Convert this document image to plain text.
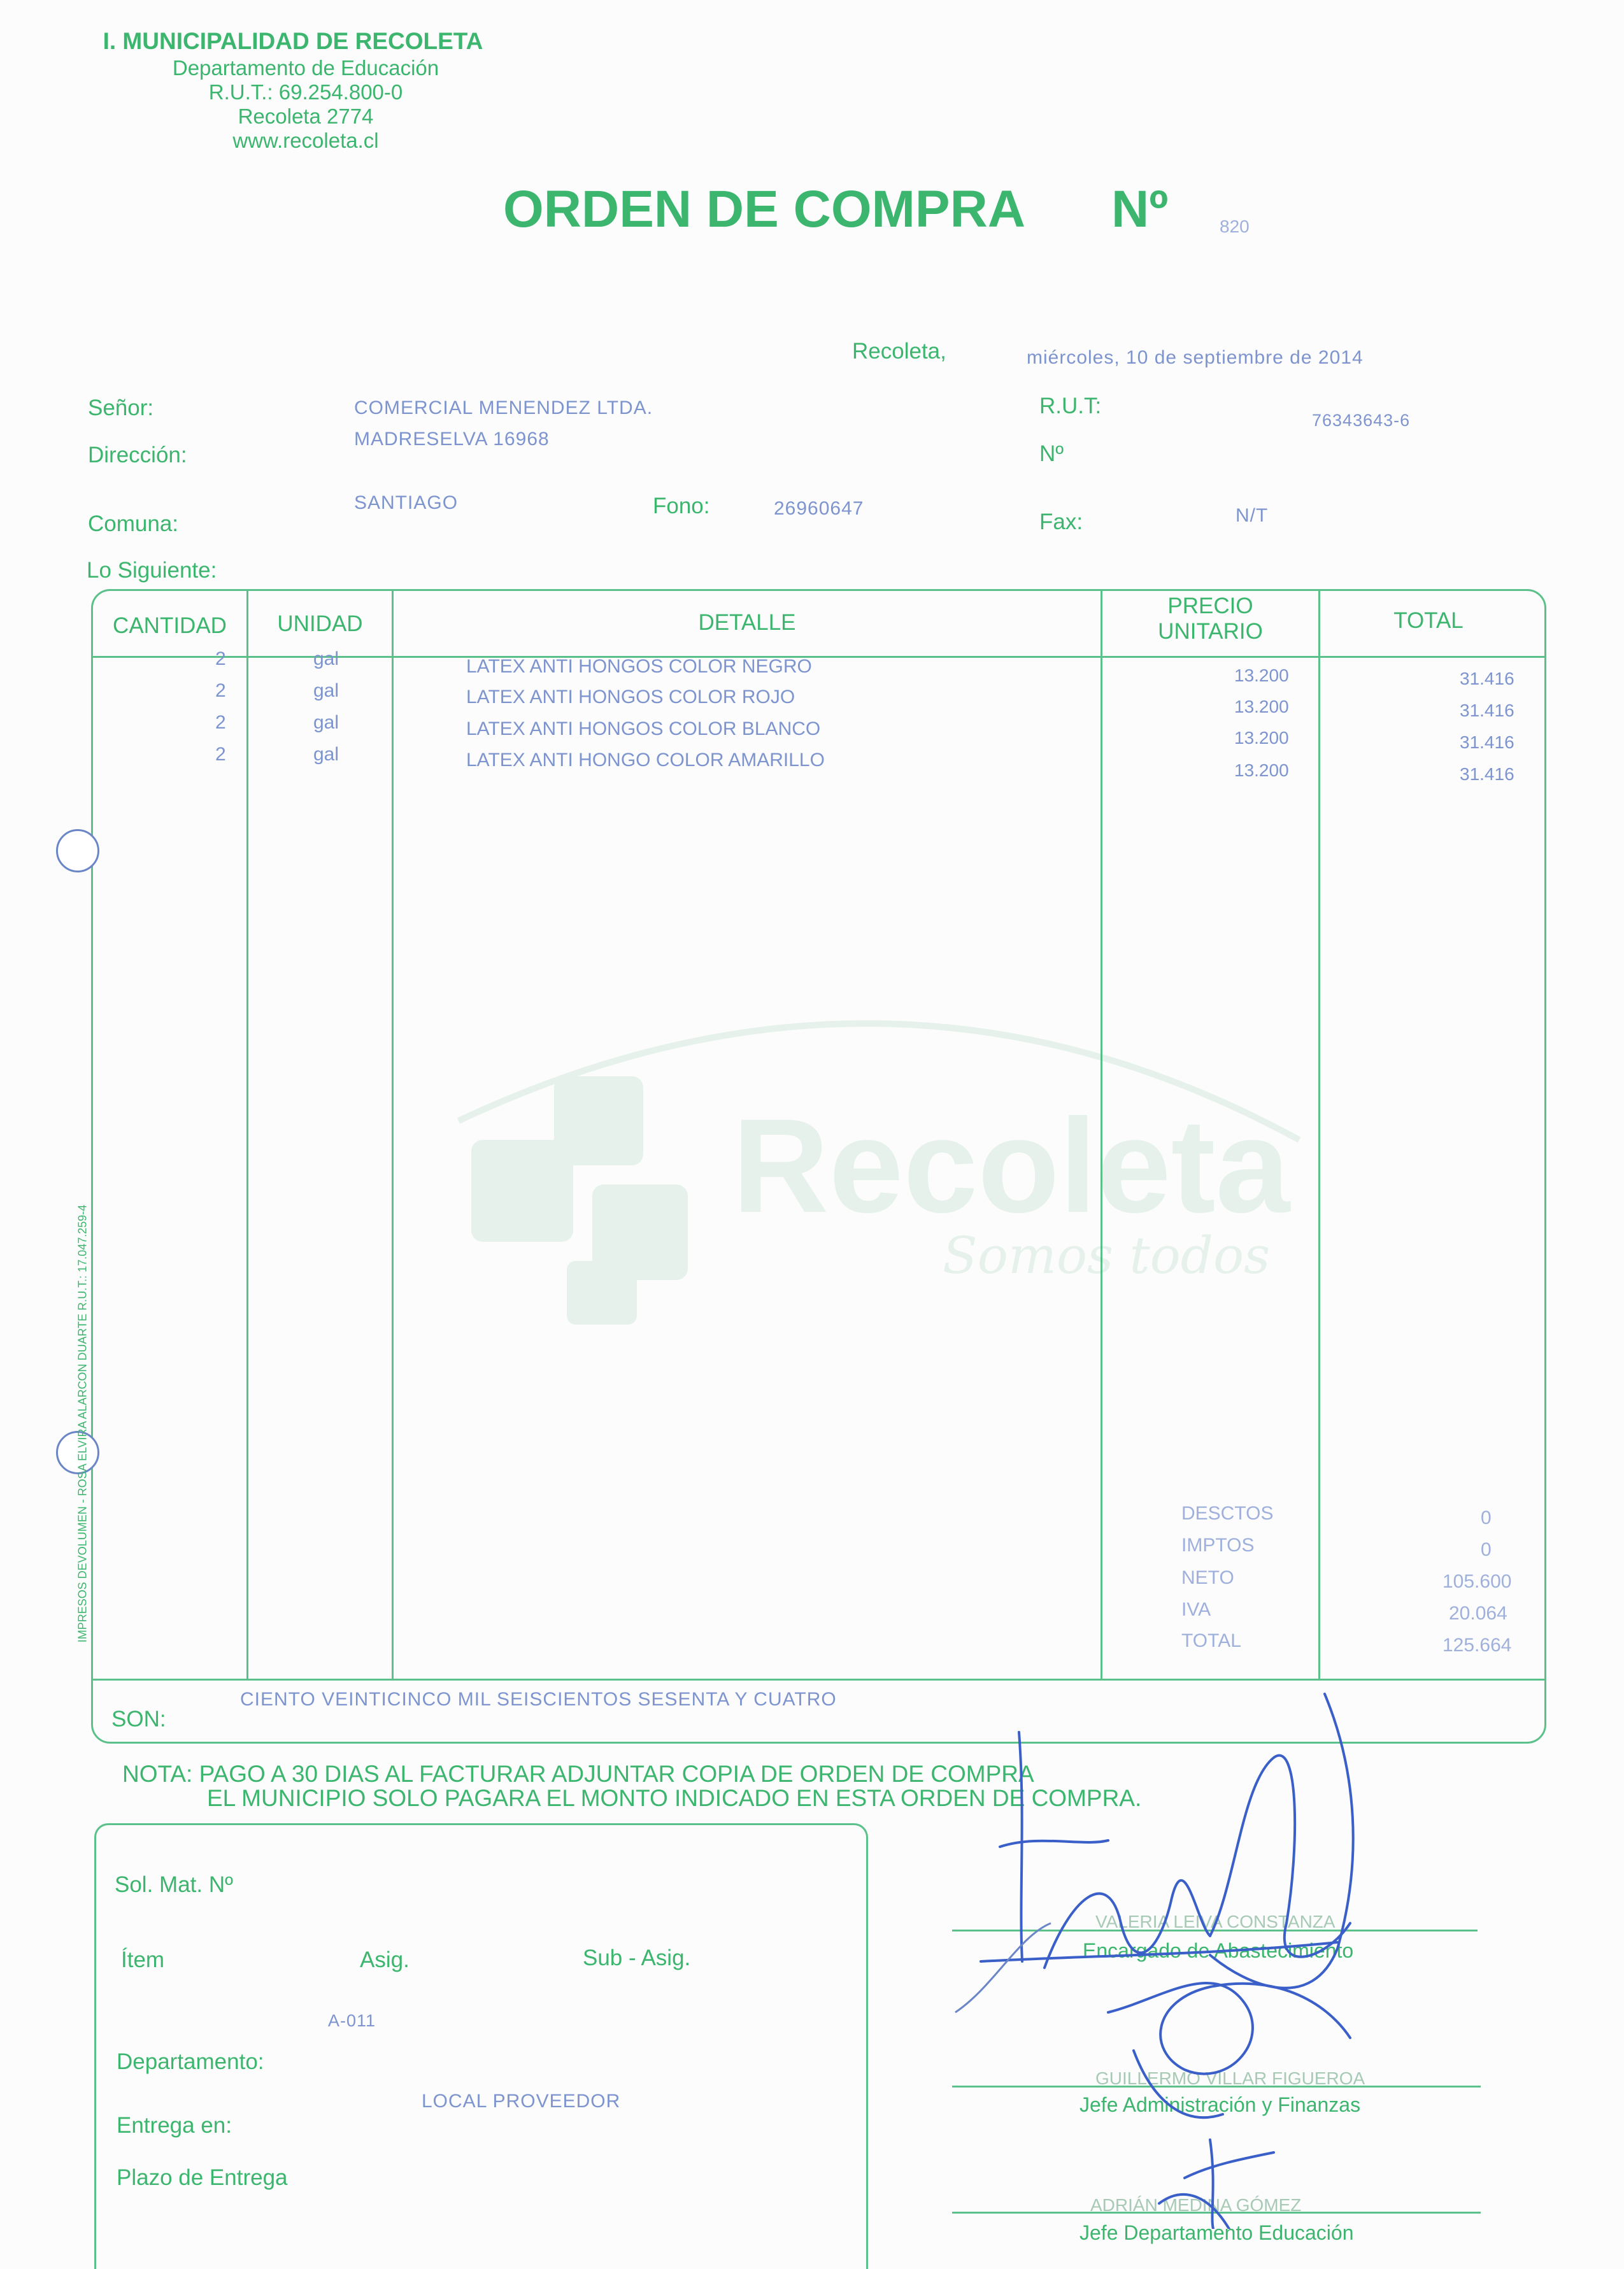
I. MUNICIPALIDAD DE RECOLETA
Departamento de Educación
R.U.T.: 69.254.800-0
Recoleta 2774
www.recoleta.cl
ORDEN DE COMPRA Nº	820
Recoleta,	miércoles, 10 de septiembre de 2014
Señor:	COMERCIAL MENENDEZ LTDA.
Dirección:
MADRESELVA 16968
Comuna:
SANTIAGO	Fono:	26960647
R.U.T:
76343643-6
Nº
Fax:	N/T
Lo Siguiente:
CANTIDAD	UNIDAD	DETALLE
PRECIO
UNITARIO	TOTAL
2	gal	LATEX ANTI HONGOS COLOR NEGRO	13.200	31.416
2	gal	LATEX ANTI HONGOS COLOR ROJO	13.200	31.416
2	gal	LATEX ANTI HONGOS COLOR BLANCO	13.200	31.416
2	gal	LATEX ANTI HONGO COLOR AMARILLO	13.200	31.416
Recoleta
Somos todos
DESCTOS	0
IMPTOS	0
NETO	105.600
IVA	20.064
TOTAL	125.664
SON:
CIENTO VEINTICINCO MIL SEISCIENTOS SESENTA Y CUATRO
IMPRESOS DEVOLUMEN - ROSA ELVIRA ALARCON DUARTE R.U.T.: 17.047.259-4
NOTA: PAGO A 30 DIAS AL FACTURAR ADJUNTAR COPIA DE ORDEN DE COMPRA
EL MUNICIPIO SOLO PAGARA EL MONTO INDICADO EN ESTA ORDEN DE COMPRA.
Sol. Mat. Nº
Ítem	Asig.	Sub - Asig.
A-011
Departamento:
Entrega en:
LOCAL PROVEEDOR
Plazo de Entrega
VALERIA LEIVA CONSTANZA
Encargado de Abastecimiento
GUILLERMO VILLAR FIGUEROA
Jefe Administración y Finanzas
ADRIÁN MEDINA GÓMEZ
Jefe Departamento Educación
